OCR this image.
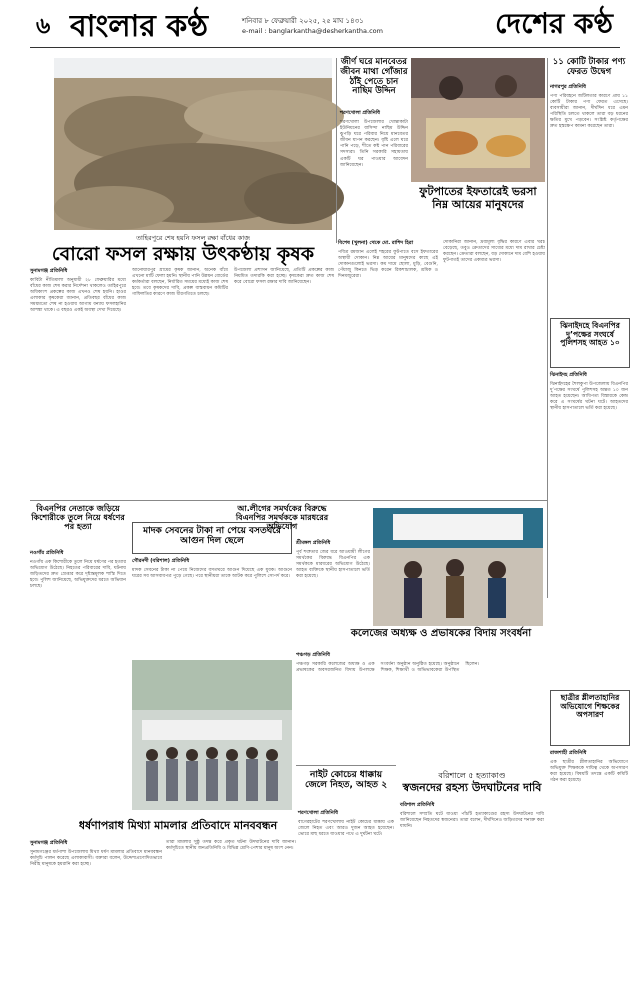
৬ বাংলার কণ্ঠ	শনিবার ৮ ফেব্রুয়ারী ২০২৫, ২৫ মাঘ ১৪৩১
e-mail : banglarkantha@desherkantha.com	দেশের কণ্ঠ
তাহিরপুরে শেষ হয়নি ফসল রক্ষা বাঁধের কাজ
জীর্ণ ঘরে মানবেতর জীবন মাথা গোঁজার ঠাঁই পেতে চান নাছিম উদ্দিন
শরণখোলা প্রতিনিধি
শরণখোলা উপজেলার খোন্তাকাটা ইউনিয়নের বাসিন্দা নাছিম উদ্দিন ঝুপড়ি ঘরে পরিবার নিয়ে মানবেতর জীবন যাপন করছেন। বৃষ্টি এলে ঘরে পানি পড়ে, শীতে কষ্ট পান পরিবারের সদস্যরা। তিনি সরকারি সহায়তায় একটি ঘর পাওয়ার আবেদন জানিয়েছেন।
ফুটপাতের ইফতারেই ভরসা নিম্ন আয়ের মানুষদের
১১ কোটি টাকার পণ্য ফেরত উদ্বেগ
নাগরপুর প্রতিনিধি
পণ্য পরিবহনে জটিলতার কারণে প্রায় ১১ কোটি টাকার পণ্য ফেরত এসেছে। ব্যবসায়ীরা জানান, দীর্ঘদিন ধরে এমন পরিস্থিতি চলতে থাকলে তারা বড় ধরনের ক্ষতির মুখে পড়বেন। সংশ্লিষ্ট কর্তৃপক্ষের দ্রুত হস্তক্ষেপ কামনা করেছেন তারা।
বোরো ফসল রক্ষায় উৎকণ্ঠায় কৃষক
সুনামগঞ্জ প্রতিনিধি
কাবিটা নীতিমালা অনুযায়ী ২৮ ফেব্রুয়ারির মধ্যে বাঁধের কাজ শেষ করার নির্দেশনা থাকলেও তাহিরপুরে অধিকাংশ প্রকল্পের কাজ এখনও শেষ হয়নি। হাওর এলাকার কৃষকেরা জানান, প্রতিবছর বাঁধের কাজ সময়মতো শেষ না হওয়ায় আগাম বন্যায় ফসলহানির আশঙ্কা থাকে। এ বছরও একই অবস্থা দেখা দিয়েছে।
আনোয়ারপুর গ্রামের কৃষক জানান, অনেক বাঁধে এখনো মাটি ফেলা হয়নি। স্থানীয় পানি উন্নয়ন বোর্ডের কর্মকর্তারা বলছেন, নির্ধারিত সময়ের মধ্যেই কাজ শেষ হবে। তবে কৃষকদের দাবি, প্রকল্প বাস্তবায়ন কমিটির গাফিলতির কারণে কাজ ধীরগতিতে চলছে।
উপজেলা প্রশাসন জানিয়েছে, প্রতিটি প্রকল্পের কাজ নিয়মিত তদারকি করা হচ্ছে। কৃষকেরা দ্রুত কাজ শেষ করে বোরো ফসল রক্ষার দাবি জানিয়েছেন।
বিশেষ (খুলনা) থেকে মো. রাশিদ হিরা
পবিত্র রমজান এলেই শহরের ফুটপাতে বসে ইফতারের অস্থায়ী দোকান। নিম্ন আয়ের মানুষদের কাছে এই দোকানগুলোই ভরসা। কম দামে ছোলা, মুড়ি, বেগুনি, পেঁয়াজু কিনতে ভিড় করেন রিকশাচালক, শ্রমিক ও দিনমজুরেরা।
দোকানিরা জানান, দ্রব্যমূল্য বৃদ্ধির কারণে এবার খরচ বেড়েছে, তবুও ক্রেতাদের সাধ্যের মধ্যে দাম রাখার চেষ্টা করছেন। ক্রেতারা বলছেন, বড় দোকানে দাম বেশি হওয়ায় ফুটপাতই তাদের একমাত্র ভরসা।
ঝিনাইদহে বিএনপির দু’পক্ষের সংঘর্ষে পুলিশসহ আহত ১০
ঝিনাইদহ প্রতিনিধি
ঝিনাইদহের শৈলকুপা উপজেলায় বিএনপির দু’পক্ষের সংঘর্ষে পুলিশসহ অন্তত ১০ জন আহত হয়েছেন। আধিপত্য বিস্তারকে কেন্দ্র করে এ সংঘর্ষের ঘটনা ঘটে। আহতদের স্থানীয় হাসপাতালে ভর্তি করা হয়েছে।
বিএনপির নেতাকে জড়িয়ে কিশোরীকে তুলে নিয়ে ধর্ষণের পর হত্যা
নওগাঁর প্রতিনিধি
নওগাঁয় এক কিশোরীকে তুলে নিয়ে ধর্ষণের পর হত্যার অভিযোগ উঠেছে। নিহতের পরিবারের দাবি, ঘটনায় জড়িতদের দ্রুত গ্রেপ্তার করে দৃষ্টান্তমূলক শাস্তি দিতে হবে। পুলিশ জানিয়েছে, অভিযুক্তদের ধরতে অভিযান চলছে।
মাদক সেবনের টাকা না পেয়ে বসতঘরে আগুন দিল ছেলে
গৌরনদী (বরিশাল) প্রতিনিধি
মাদক সেবনের টাকা না পেয়ে নিজেদের বসতঘরে আগুন দিয়েছে এক যুবক। আগুনে ঘরের সব আসবাবপত্র পুড়ে গেছে। পরে স্থানীয়রা তাকে আটক করে পুলিশে সোপর্দ করে।
আ.লীগের সমর্থকের বিরুদ্ধে বিএনপির সমর্থককে মারধরের অভিযোগ
শ্রীমঙ্গল প্রতিনিধি
পূর্ব শত্রুতার জের ধরে আওয়ামী লীগের সমর্থকের বিরুদ্ধে বিএনপির এক সমর্থককে মারধরের অভিযোগ উঠেছে। আহত ব্যক্তিকে স্থানীয় হাসপাতালে ভর্তি করা হয়েছে।
কলেজের অধ্যক্ষ ও প্রভাষকের বিদায় সংবর্ধনা
পঞ্চগড় প্রতিনিধি
পঞ্চগড় সরকারি কলেজের অধ্যক্ষ ও এক প্রভাষকের অবসরজনিত বিদায় উপলক্ষে সংবর্ধনা অনুষ্ঠান অনুষ্ঠিত হয়েছে। অনুষ্ঠানে শিক্ষক, শিক্ষার্থী ও অভিভাবকেরা উপস্থিত ছিলেন।
ধর্ষণাপরাধ মিথ্যা মামলার প্রতিবাদে মানববন্ধন
সুনামগঞ্জ প্রতিনিধি
সুনামগঞ্জের ধর্মপাশা উপজেলায় মিথ্যা ধর্ষণ মামলার প্রতিবাদে মানববন্ধন কর্মসূচি পালন করেছে এলাকাবাসী। বক্তারা বলেন, উদ্দেশ্যপ্রণোদিতভাবে নিরীহ মানুষকে হয়রানি করা হচ্ছে।
তারা মামলার সুষ্ঠু তদন্ত করে প্রকৃত ঘটনা উদঘাটনের দাবি জানান। কর্মসূচিতে স্থানীয় জনপ্রতিনিধি ও বিভিন্ন শ্রেণি-পেশার মানুষ অংশ নেন।
নাইট কোচের ধাক্কায় জেলে নিহত, আহত ২
শরণখোলা প্রতিনিধি
বাগেরহাটের শরণখোলায় নাইট কোচের ধাক্কায় এক জেলে নিহত এবং আরও দুজন আহত হয়েছেন। ভোরে মাছ ধরতে যাওয়ার পথে এ দুর্ঘটনা ঘটে।
বরিশালে ৫ হত্যাকাণ্ড
স্বজনদের রহস্য উদঘাটনের দাবি
বরিশাল প্রতিনিধি
বরিশালে সম্প্রতি ঘটে যাওয়া পাঁচটি হত্যাকাণ্ডের রহস্য উদঘাটনের দাবি জানিয়েছেন নিহতদের স্বজনেরা। তারা বলেন, দীর্ঘদিনেও জড়িতদের শনাক্ত করা যায়নি।
ছাত্রীর শ্লীলতাহানির অভিযোগে শিক্ষকের অপসারণ
রাজশাহী প্রতিনিধি
এক ছাত্রীর শ্লীলতাহানির অভিযোগে অভিযুক্ত শিক্ষককে দায়িত্ব থেকে অপসারণ করা হয়েছে। বিষয়টি তদন্তে একটি কমিটি গঠন করা হয়েছে।
